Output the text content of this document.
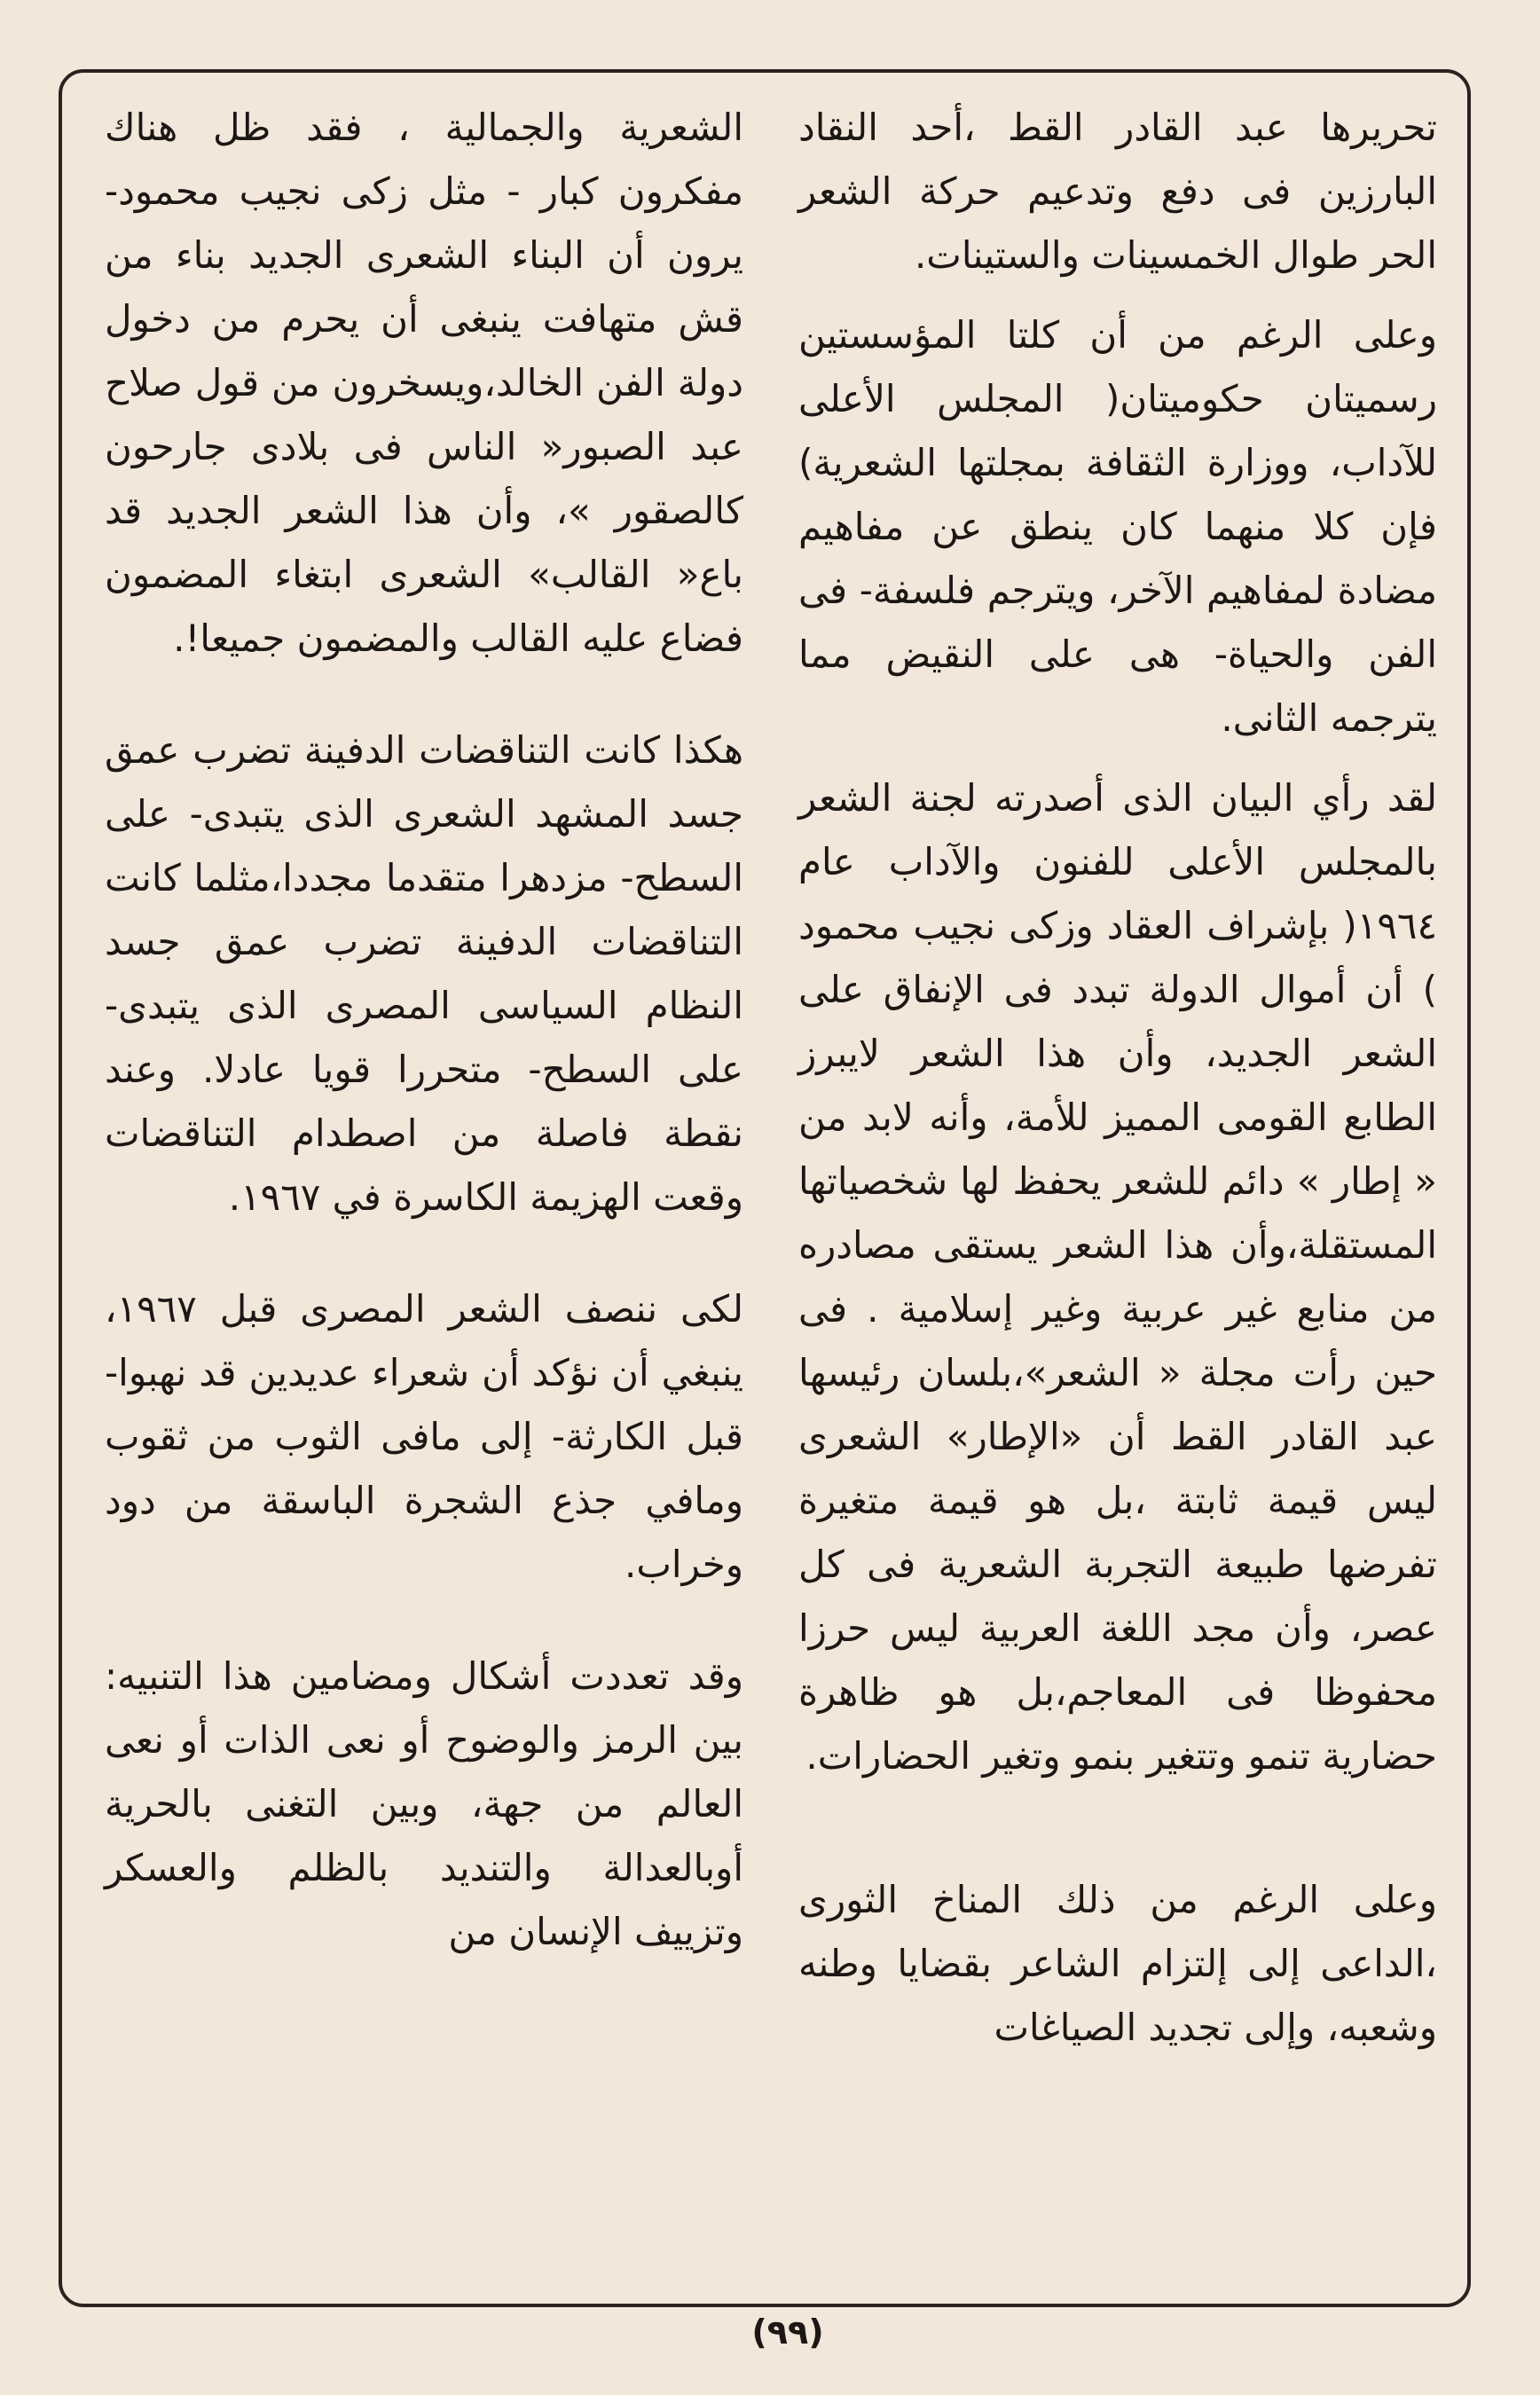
تحريرها عبد القادر القط ،أحد النقاد البارزين فى دفع وتدعيم حركة الشعر الحر طوال الخمسينات والستينات.

وعلى الرغم من أن كلتا المؤسستين رسميتان حكوميتان( المجلس الأعلى للآداب، ووزارة الثقافة بمجلتها الشعرية) فإن كلا منهما كان ينطق عن مفاهيم مضادة لمفاهيم الآخر، ويترجم فلسفة- فى الفن والحياة- هى على النقيض مما يترجمه الثانى.

لقد رأي البيان الذى أصدرته لجنة الشعر بالمجلس الأعلى للفنون والآداب عام ١٩٦٤( بإشراف العقاد وزكى نجيب محمود ) أن أموال الدولة تبدد فى الإنفاق على الشعر الجديد، وأن هذا الشعر لايبرز الطابع القومى المميز للأمة، وأنه لابد من « إطار » دائم للشعر يحفظ لها شخصياتها المستقلة،وأن هذا الشعر يستقى مصادره من منابع غير عربية وغير إسلامية . فى حين رأت مجلة « الشعر»،بلسان رئيسها عبد القادر القط أن «الإطار» الشعرى ليس قيمة ثابتة ،بل هو قيمة متغيرة تفرضها طبيعة التجربة الشعرية فى كل عصر، وأن مجد اللغة العربية ليس حرزا محفوظا فى المعاجم،بل هو ظاهرة حضارية تنمو وتتغير بنمو وتغير الحضارات.

وعلى الرغم من ذلك المناخ الثورى ،الداعى إلى إلتزام الشاعر بقضايا وطنه وشعبه، وإلى تجديد الصياغات

الشعرية والجمالية ، فقد ظل هناك مفكرون كبار - مثل زكى نجيب محمود- يرون أن البناء الشعرى الجديد بناء من قش متهافت ينبغى أن يحرم من دخول دولة الفن الخالد،ويسخرون من قول صلاح عبد الصبور« الناس فى بلادى جارحون كالصقور »، وأن هذا الشعر الجديد قد باع« القالب» الشعرى ابتغاء المضمون فضاع عليه القالب والمضمون جميعا!.

هكذا كانت التناقضات الدفينة تضرب عمق جسد المشهد الشعرى الذى يتبدى- على السطح- مزدهرا متقدما مجددا،مثلما كانت التناقضات الدفينة تضرب عمق جسد النظام السياسى المصرى الذى يتبدى- على السطح- متحررا قويا عادلا. وعند نقطة فاصلة من اصطدام التناقضات وقعت الهزيمة الكاسرة في ١٩٦٧.

لكى ننصف الشعر المصرى قبل ١٩٦٧، ينبغي أن نؤكد أن شعراء عديدين قد نهبوا- قبل الكارثة- إلى مافى الثوب من ثقوب ومافي جذع الشجرة الباسقة من دود وخراب.

وقد تعددت أشكال ومضامين هذا التنبيه: بين الرمز والوضوح أو نعى الذات أو نعى العالم من جهة، وبين التغنى بالحرية أوبالعدالة والتنديد بالظلم والعسكر وتزييف الإنسان من

(٩٩)
